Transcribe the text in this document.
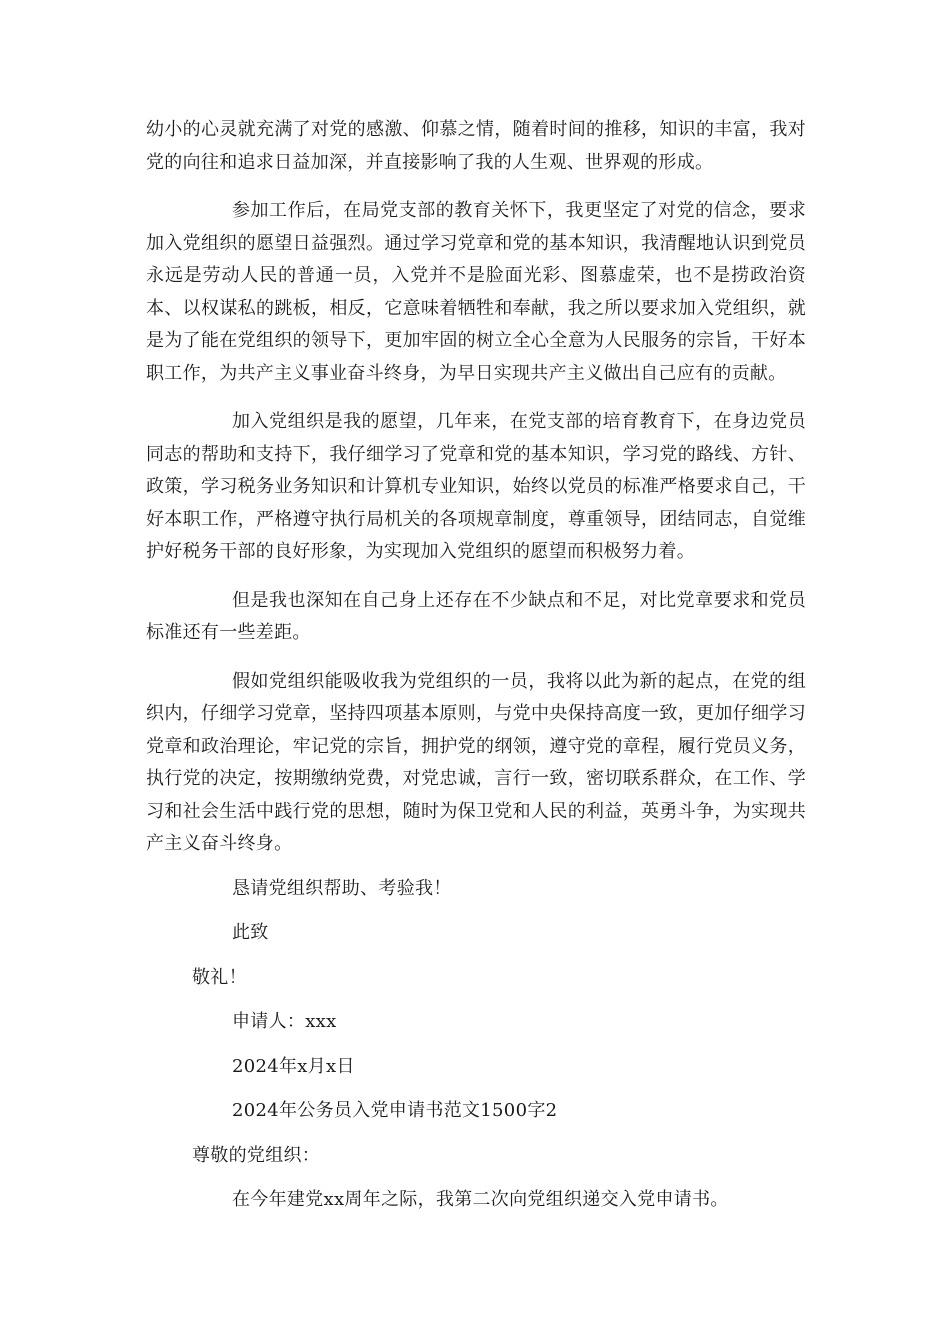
幼小的心灵就充满了对党的感激、仰慕之情，随着时间的推移，知识的丰富，我对党的向往和追求日益加深，并直接影响了我的人生观、世界观的形成。

参加工作后，在局党支部的教育关怀下，我更坚定了对党的信念，要求加入党组织的愿望日益强烈。通过学习党章和党的基本知识，我清醒地认识到党员永远是劳动人民的普通一员，入党并不是脸面光彩、图慕虚荣，也不是捞政治资本、以权谋私的跳板，相反，它意味着牺牲和奉献，我之所以要求加入党组织，就是为了能在党组织的领导下，更加牢固的树立全心全意为人民服务的宗旨，干好本职工作，为共产主义事业奋斗终身，为早日实现共产主义做出自己应有的贡献。

加入党组织是我的愿望，几年来，在党支部的培育教育下，在身边党员同志的帮助和支持下，我仔细学习了党章和党的基本知识，学习党的路线、方针、政策，学习税务业务知识和计算机专业知识，始终以党员的标准严格要求自己，干好本职工作，严格遵守执行局机关的各项规章制度，尊重领导，团结同志，自觉维护好税务干部的良好形象，为实现加入党组织的愿望而积极努力着。

但是我也深知在自己身上还存在不少缺点和不足，对比党章要求和党员标准还有一些差距。

假如党组织能吸收我为党组织的一员，我将以此为新的起点，在党的组织内，仔细学习党章，坚持四项基本原则，与党中央保持高度一致，更加仔细学习党章和政治理论，牢记党的宗旨，拥护党的纲领，遵守党的章程，履行党员义务，执行党的决定，按期缴纳党费，对党忠诚，言行一致，密切联系群众，在工作、学习和社会生活中践行党的思想，随时为保卫党和人民的利益，英勇斗争，为实现共产主义奋斗终身。

恳请党组织帮助、考验我！

此致

敬礼！

申请人：xxx

2024年x月x日

2024年公务员入党申请书范文1500字2

尊敬的党组织：

在今年建党xx周年之际，我第二次向党组织递交入党申请书。
